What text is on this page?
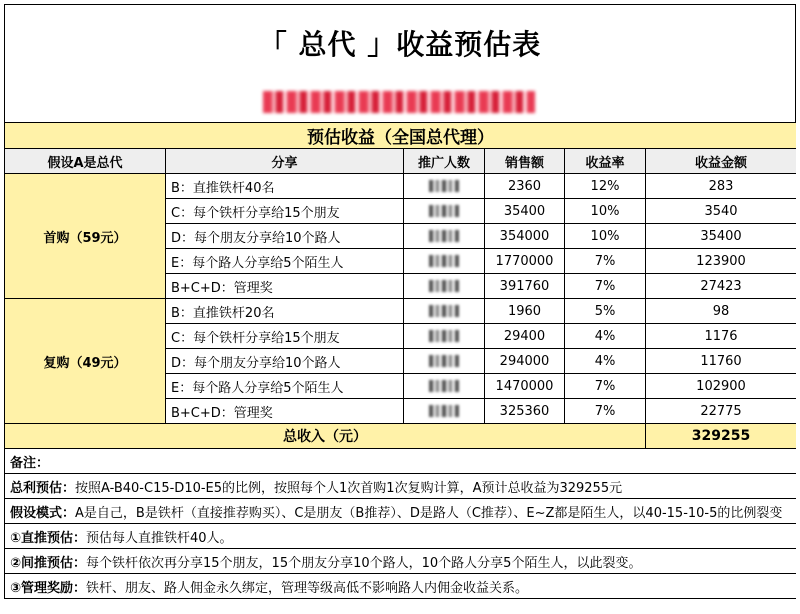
「 总代 」收益预估表
预估收益（全国总代理）					
假设A是总代	分享	推广人数	销售额	收益率	收益金额
首购（59元）	B：直推铁杆40名		2360	12%	283
	C：每个铁杆分享给15个朋友		35400	10%	3540
	D：每个朋友分享给10个路人		354000	10%	35400
	E：每个路人分享给5个陌生人		1770000	7%	123900
	B+C+D：管理奖		391760	7%	27423
复购（49元）	B：直推铁杆20名		1960	5%	98
	C：每个铁杆分享给15个朋友		29400	4%	1176
	D：每个朋友分享给10个路人		294000	4%	11760
	E：每个路人分享给5个陌生人		1470000	7%	102900
	B+C+D：管理奖		325360	7%	22775
总收入（元）					329255
备注：					
总利预估：按照A-B40-C15-D10-E5的比例，按照每个人1次首购1次复购计算，A预计总收益为329255元					
假设模式：A是自己，B是铁杆（直接推荐购买）、C是朋友（B推荐）、D是路人（C推荐）、E~Z都是陌生人，以40-15-10-5的比例裂变					
①直推预估：预估每人直推铁杆40人。					
②间推预估：每个铁杆依次再分享15个朋友，15个朋友分享10个路人，10个路人分享5个陌生人，以此裂变。					
③管理奖励：铁杆、朋友、路人佣金永久绑定，管理等级高低不影响路人内佣金收益关系。					
